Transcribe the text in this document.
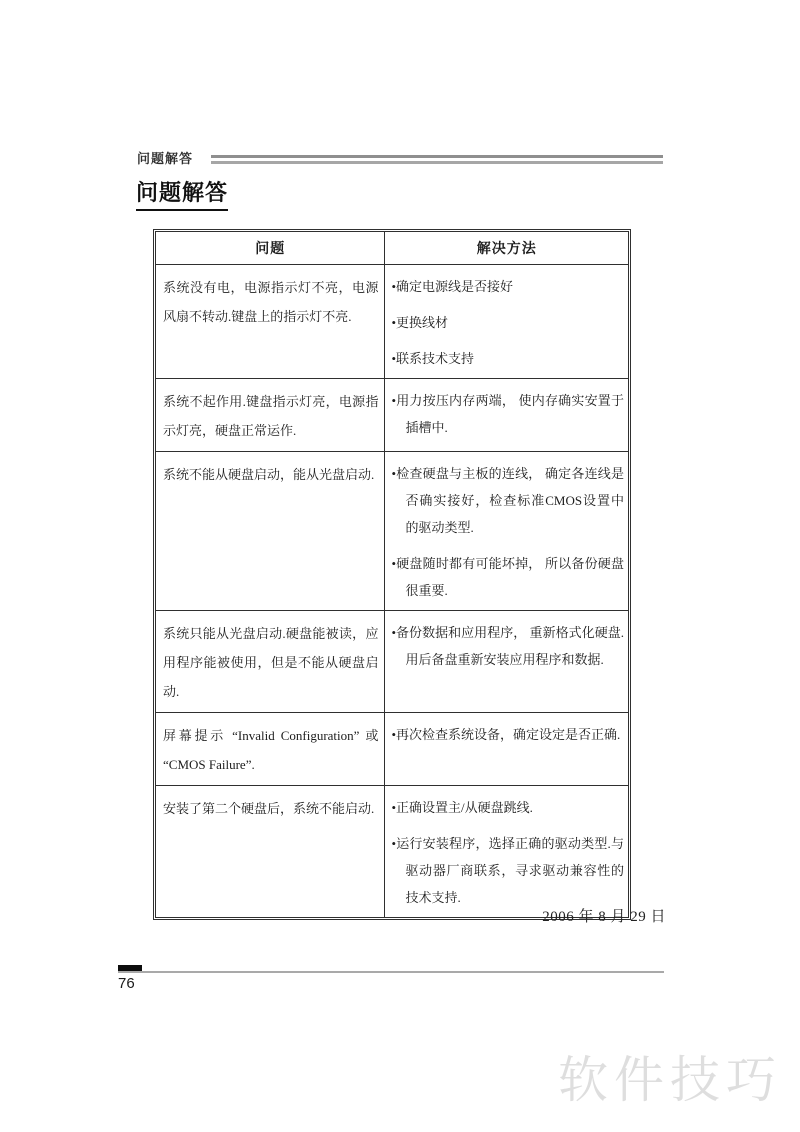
问题解答
问题解答
问题	解决方法
系统没有电，电源指示灯不亮，电源风扇不转动.键盘上的指示灯不亮.	•确定电源线是否接好
•更换线材
•联系技术支持

系统不起作用.键盘指示灯亮，电源指示灯亮，硬盘正常运作.	•用力按压内存两端， 使内存确实安置于插槽中.

系统不能从硬盘启动，能从光盘启动.	•检查硬盘与主板的连线， 确定各连线是否确实接好，检查标准CMOS设置中的驱动类型.
•硬盘随时都有可能坏掉， 所以备份硬盘很重要.

系统只能从光盘启动.硬盘能被读，应用程序能被使用，但是不能从硬盘启动.	•备份数据和应用程序， 重新格式化硬盘. 用后备盘重新安装应用程序和数据.

屏幕提示 “Invalid Configuration” 或 “CMOS Failure”.	•再次检查系统设备，确定设定是否正确.

安装了第二个硬盘后，系统不能启动.	•正确设置主/从硬盘跳线.
•运行安装程序，选择正确的驱动类型.与驱动器厂商联系，寻求驱动兼容性的技术支持.
2006 年 8 月 29 日
76
软件技巧
